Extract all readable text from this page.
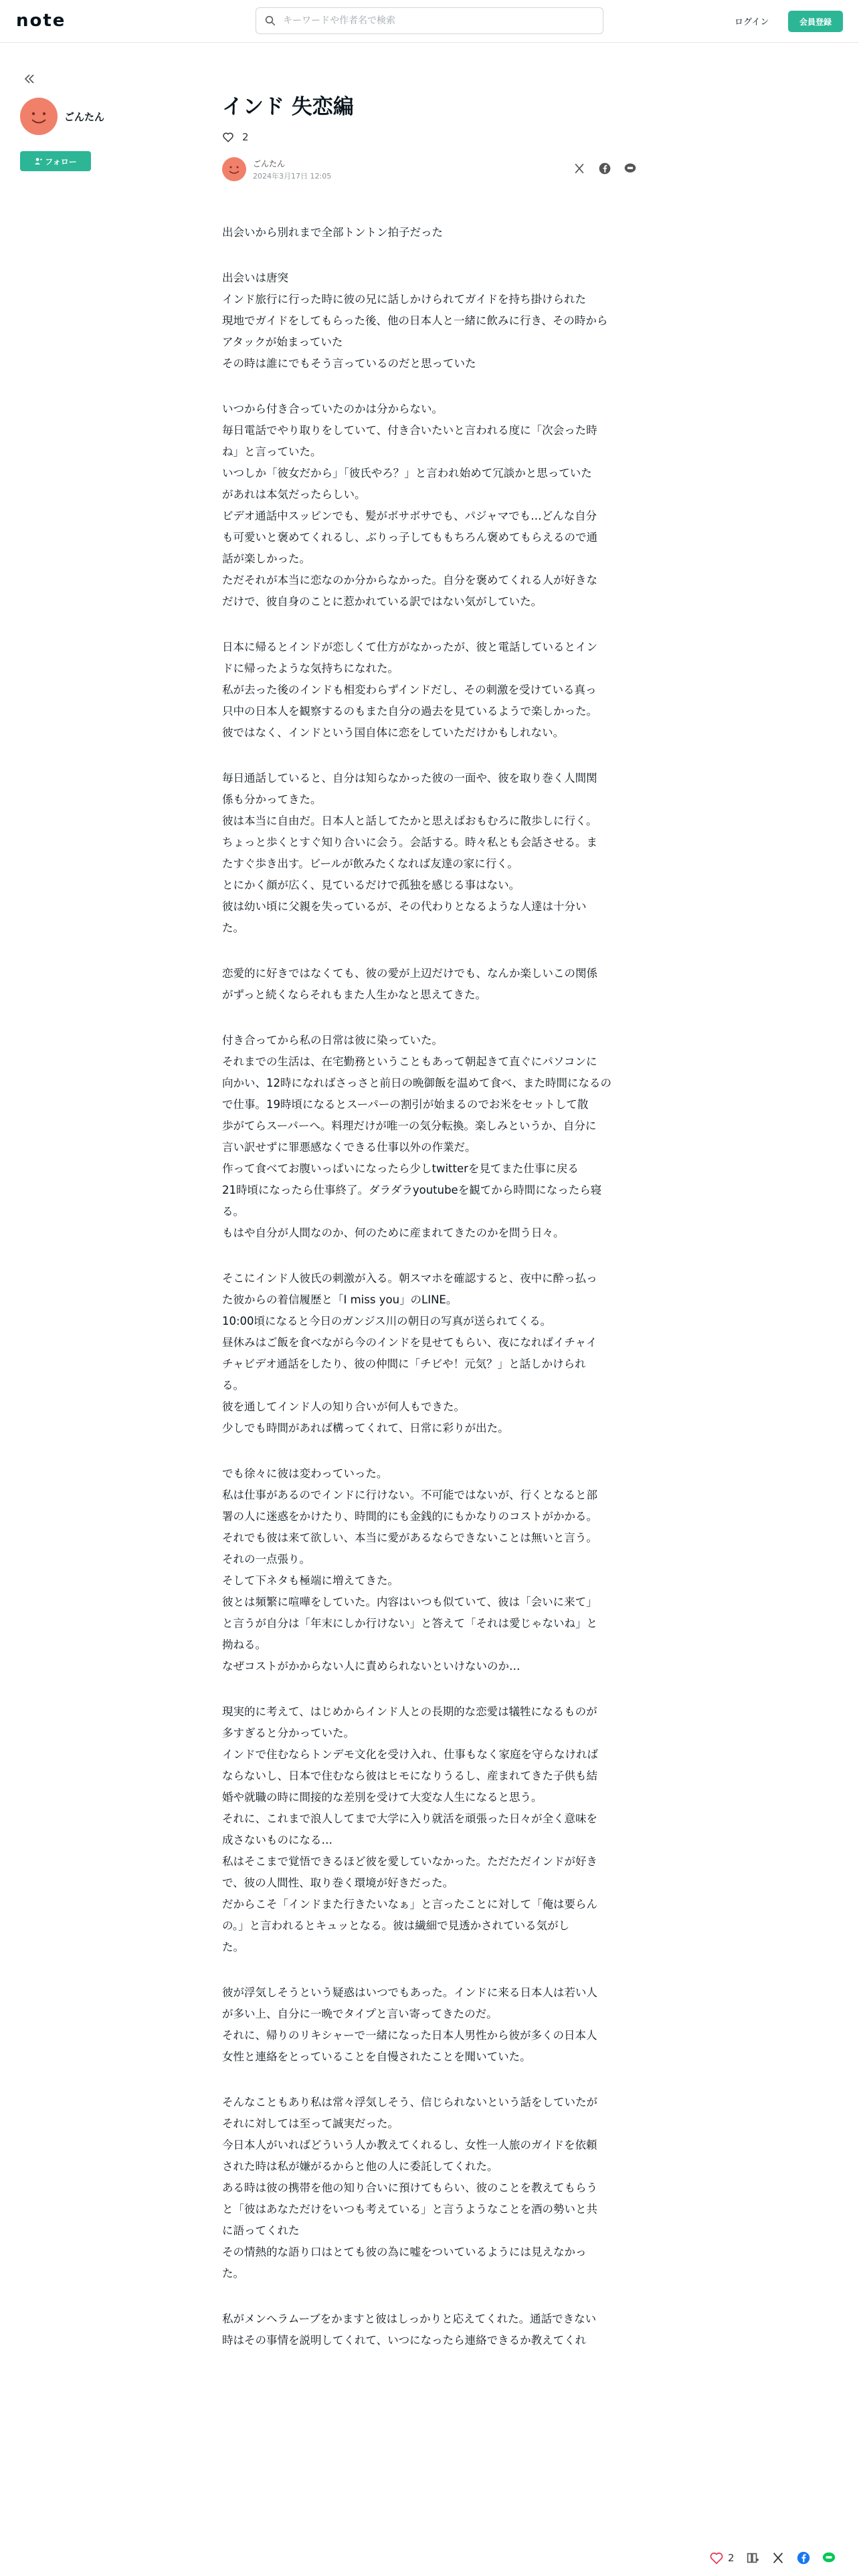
note
キーワードや作者名で検索	ログイン	会員登録
ごんたん
フォロー
インド 失恋編
2
ごんたん
2024年3月17日 12:05

出会いから別れまで全部トントン拍子だった

出会いは唐突
インド旅行に行った時に彼の兄に話しかけられてガイドを持ち掛けられた
現地でガイドをしてもらった後、他の日本人と一緒に飲みに行き、その時から
アタックが始まっていた
その時は誰にでもそう言っているのだと思っていた

いつから付き合っていたのかは分からない。
毎日電話でやり取りをしていて、付き合いたいと言われる度に「次会った時
ね」と言っていた。
いつしか「彼女だから」「彼氏やろ？」と言われ始めて冗談かと思っていた
があれは本気だったらしい。
ビデオ通話中スッピンでも、髪がボサボサでも、パジャマでも…どんな自分
も可愛いと褒めてくれるし、ぶりっ子してももちろん褒めてもらえるので通
話が楽しかった。
ただそれが本当に恋なのか分からなかった。自分を褒めてくれる人が好きな
だけで、彼自身のことに惹かれている訳ではない気がしていた。

日本に帰るとインドが恋しくて仕方がなかったが、彼と電話しているとイン
ドに帰ったような気持ちになれた。
私が去った後のインドも相変わらずインドだし、その刺激を受けている真っ
只中の日本人を観察するのもまた自分の過去を見ているようで楽しかった。
彼ではなく、インドという国自体に恋をしていただけかもしれない。

毎日通話していると、自分は知らなかった彼の一面や、彼を取り巻く人間関
係も分かってきた。
彼は本当に自由だ。日本人と話してたかと思えばおもむろに散歩しに行く。
ちょっと歩くとすぐ知り合いに会う。会話する。時々私とも会話させる。ま
たすぐ歩き出す。ビールが飲みたくなれば友達の家に行く。
とにかく顔が広く、見ているだけで孤独を感じる事はない。
彼は幼い頃に父親を失っているが、その代わりとなるような人達は十分い
た。

恋愛的に好きではなくても、彼の愛が上辺だけでも、なんか楽しいこの関係
がずっと続くならそれもまた人生かなと思えてきた。

付き合ってから私の日常は彼に染っていた。
それまでの生活は、在宅勤務ということもあって朝起きて直ぐにパソコンに
向かい、12時になればさっさと前日の晩御飯を温めて食べ、また時間になるの
で仕事。19時頃になるとスーパーの割引が始まるのでお米をセットして散
歩がてらスーパーへ。料理だけが唯一の気分転換。楽しみというか、自分に
言い訳せずに罪悪感なくできる仕事以外の作業だ。
作って食べてお腹いっぱいになったら少しtwitterを見てまた仕事に戻る
21時頃になったら仕事終了。ダラダラyoutubeを観てから時間になったら寝
る。
もはや自分が人間なのか、何のために産まれてきたのかを問う日々。

そこにインド人彼氏の刺激が入る。朝スマホを確認すると、夜中に酔っ払っ
た彼からの着信履歴と「I miss you」のLINE。
10:00頃になると今日のガンジス川の朝日の写真が送られてくる。
昼休みはご飯を食べながら今のインドを見せてもらい、夜になればイチャイ
チャビデオ通話をしたり、彼の仲間に「チビや！元気？」と話しかけられ
る。
彼を通してインド人の知り合いが何人もできた。
少しでも時間があれば構ってくれて、日常に彩りが出た。

でも徐々に彼は変わっていった。
私は仕事があるのでインドに行けない。不可能ではないが、行くとなると部
署の人に迷惑をかけたり、時間的にも金銭的にもかなりのコストがかかる。
それでも彼は来て欲しい、本当に愛があるならできないことは無いと言う。
それの一点張り。
そして下ネタも極端に増えてきた。
彼とは頻繁に喧嘩をしていた。内容はいつも似ていて、彼は「会いに来て」
と言うが自分は「年末にしか行けない」と答えて「それは愛じゃないね」と
拗ねる。
なぜコストがかからない人に責められないといけないのか…

現実的に考えて、はじめからインド人との長期的な恋愛は犠牲になるものが
多すぎると分かっていた。
インドで住むならトンデモ文化を受け入れ、仕事もなく家庭を守らなければ
ならないし、日本で住むなら彼はヒモになりうるし、産まれてきた子供も結
婚や就職の時に間接的な差別を受けて大変な人生になると思う。
それに、これまで浪人してまで大学に入り就活を頑張った日々が全く意味を
成さないものになる…
私はそこまで覚悟できるほど彼を愛していなかった。ただただインドが好き
で、彼の人間性、取り巻く環境が好きだった。
だからこそ「インドまた行きたいなぁ」と言ったことに対して「俺は要らん
の。」と言われるとキュッとなる。彼は繊細で見透かされている気がし
た。

彼が浮気しそうという疑惑はいつでもあった。インドに来る日本人は若い人
が多い上、自分に一晩でタイプと言い寄ってきたのだ。
それに、帰りのリキシャーで一緒になった日本人男性から彼が多くの日本人
女性と連絡をとっていることを自慢されたことを聞いていた。

そんなこともあり私は常々浮気しそう、信じられないという話をしていたが
それに対しては至って誠実だった。
今日本人がいればどういう人か教えてくれるし、女性一人旅のガイドを依頼
された時は私が嫌がるからと他の人に委託してくれた。
ある時は彼の携帯を他の知り合いに預けてもらい、彼のことを教えてもらう
と「彼はあなただけをいつも考えている」と言うようなことを酒の勢いと共
に語ってくれた
その情熱的な語り口はとても彼の為に嘘をついているようには見えなかっ
た。

私がメンヘラムーブをかますと彼はしっかりと応えてくれた。通話できない
時はその事情を説明してくれて、いつになったら連絡できるか教えてくれ

2
